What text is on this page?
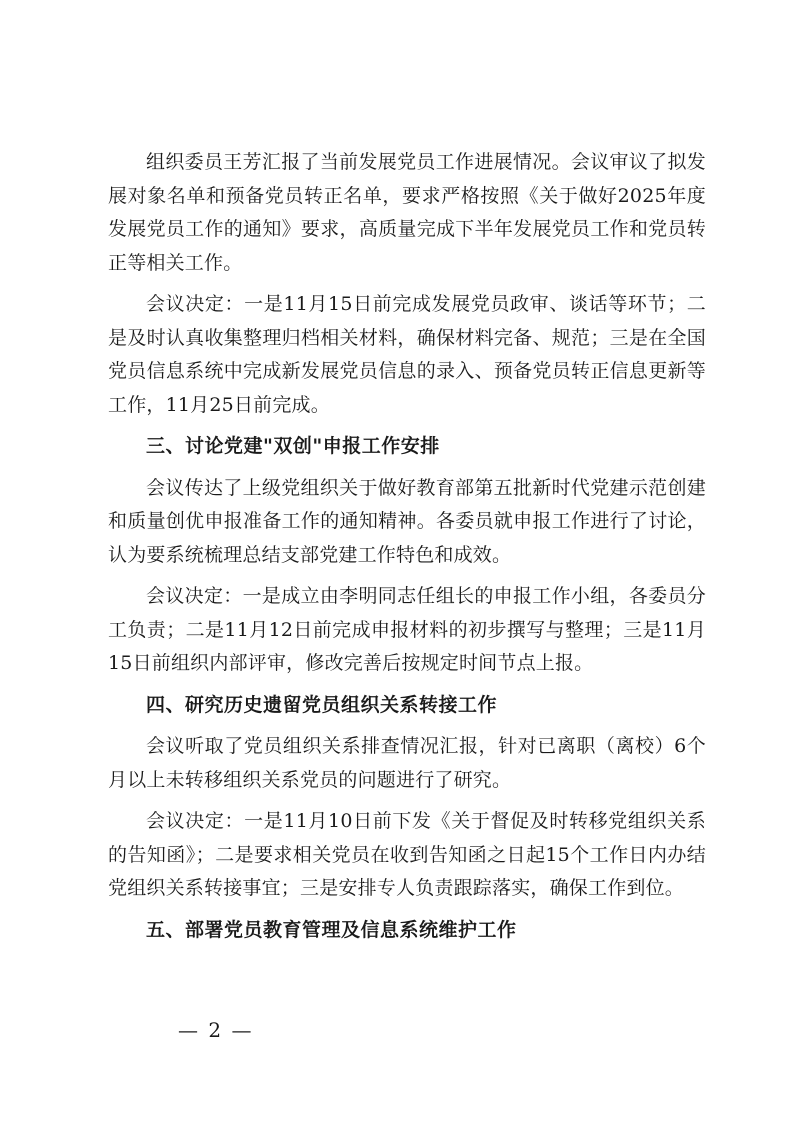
组织委员王芳汇报了当前发展党员工作进展情况。会议审议了拟发展对象名单和预备党员转正名单，要求严格按照《关于做好2025年度发展党员工作的通知》要求，高质量完成下半年发展党员工作和党员转正等相关工作。

会议决定：一是11月15日前完成发展党员政审、谈话等环节；二是及时认真收集整理归档相关材料，确保材料完备、规范；三是在全国党员信息系统中完成新发展党员信息的录入、预备党员转正信息更新等工作，11月25日前完成。

三、讨论党建"双创"申报工作安排

会议传达了上级党组织关于做好教育部第五批新时代党建示范创建和质量创优申报准备工作的通知精神。各委员就申报工作进行了讨论，认为要系统梳理总结支部党建工作特色和成效。

会议决定：一是成立由李明同志任组长的申报工作小组，各委员分工负责；二是11月12日前完成申报材料的初步撰写与整理；三是11月15日前组织内部评审，修改完善后按规定时间节点上报。

四、研究历史遗留党员组织关系转接工作

会议听取了党员组织关系排查情况汇报，针对已离职（离校）6个月以上未转移组织关系党员的问题进行了研究。

会议决定：一是11月10日前下发《关于督促及时转移党组织关系的告知函》；二是要求相关党员在收到告知函之日起15个工作日内办结党组织关系转接事宜；三是安排专人负责跟踪落实，确保工作到位。

五、部署党员教育管理及信息系统维护工作

— 2 —
